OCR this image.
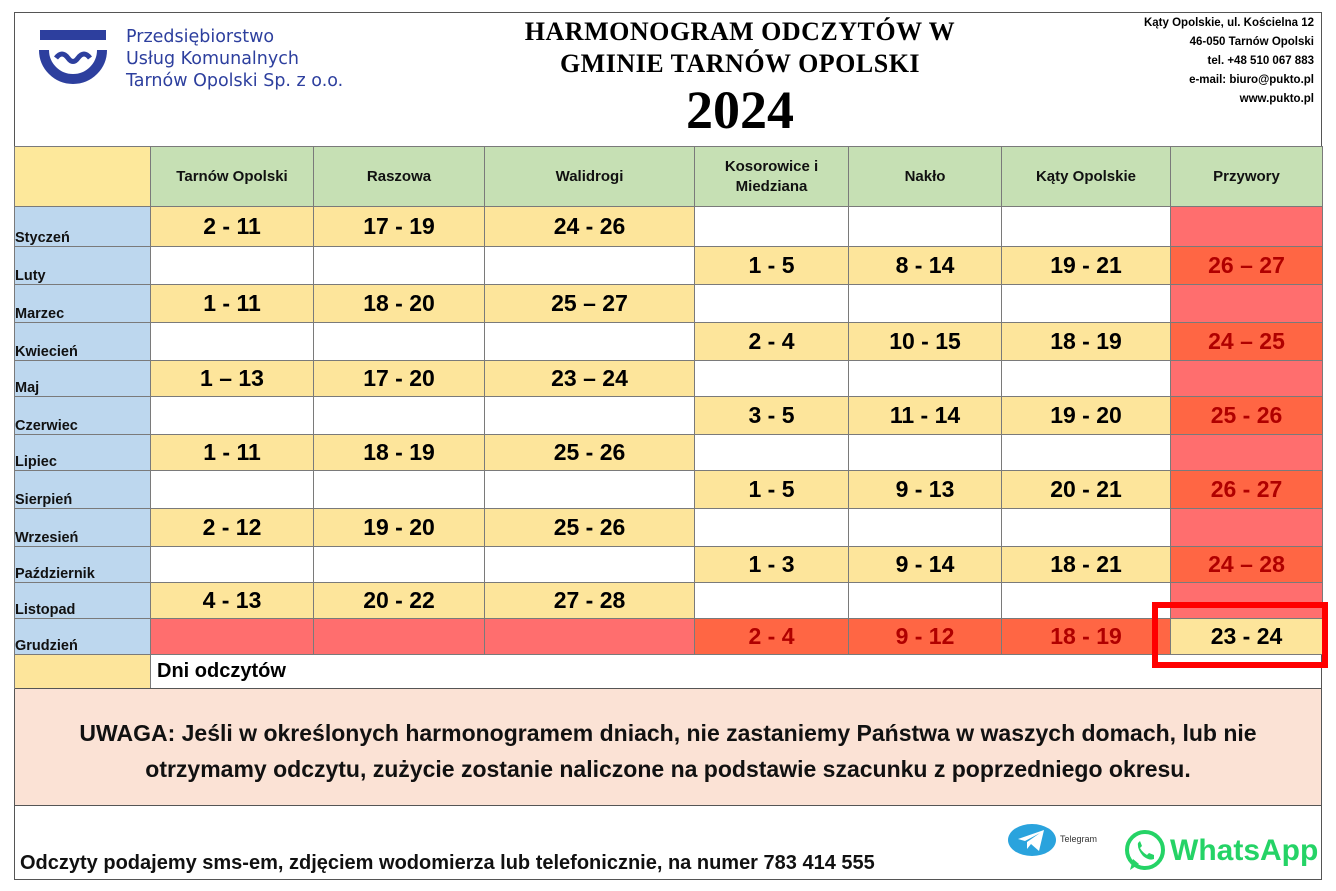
Przedsiębiorstwo
Usług Komunalnych
Tarnów Opolski Sp. z o.o.
HARMONOGRAM ODCZYTÓW W
GMINIE TARNÓW OPOLSKI
2024
Kąty Opolskie, ul. Kościelna 12
46-050 Tarnów Opolski
tel. +48 510 067 883
e-mail: biuro@pukto.pl
www.pukto.pl
	Tarnów Opolski	Raszowa	Walidrogi	Kosorowice i Miedziana	Nakło	Kąty Opolskie	Przywory
Styczeń	2 - 11	17 - 19	24 - 26				
Luty				1 - 5	8 - 14	19 - 21	26 – 27
Marzec	1 - 11	18 - 20	25 – 27				
Kwiecień				2 - 4	10 - 15	18 - 19	24 – 25
Maj	1 – 13	17 - 20	23 – 24				
Czerwiec				3 - 5	11 - 14	19 - 20	25 - 26
Lipiec	1 - 11	18 - 19	25 - 26				
Sierpień				1 - 5	9 - 13	20 - 21	26 - 27
Wrzesień	2 - 12	19 - 20	25 - 26				
Październik				1 - 3	9 - 14	18 - 21	24 – 28
Listopad	4 - 13	20 - 22	27 - 28				
Grudzień				2 - 4	9 - 12	18 - 19	23 - 24
	Dni odczytów						
UWAGA: Jeśli w określonych harmonogramem dniach, nie zastaniemy Państwa w waszych domach, lub nie
otrzymamy odczytu, zużycie zostanie naliczone na podstawie szacunku z poprzedniego okresu.
Odczyty podajemy sms-em, zdjęciem wodomierza lub telefonicznie, na numer 783 414 555
Telegram WhatsApp
